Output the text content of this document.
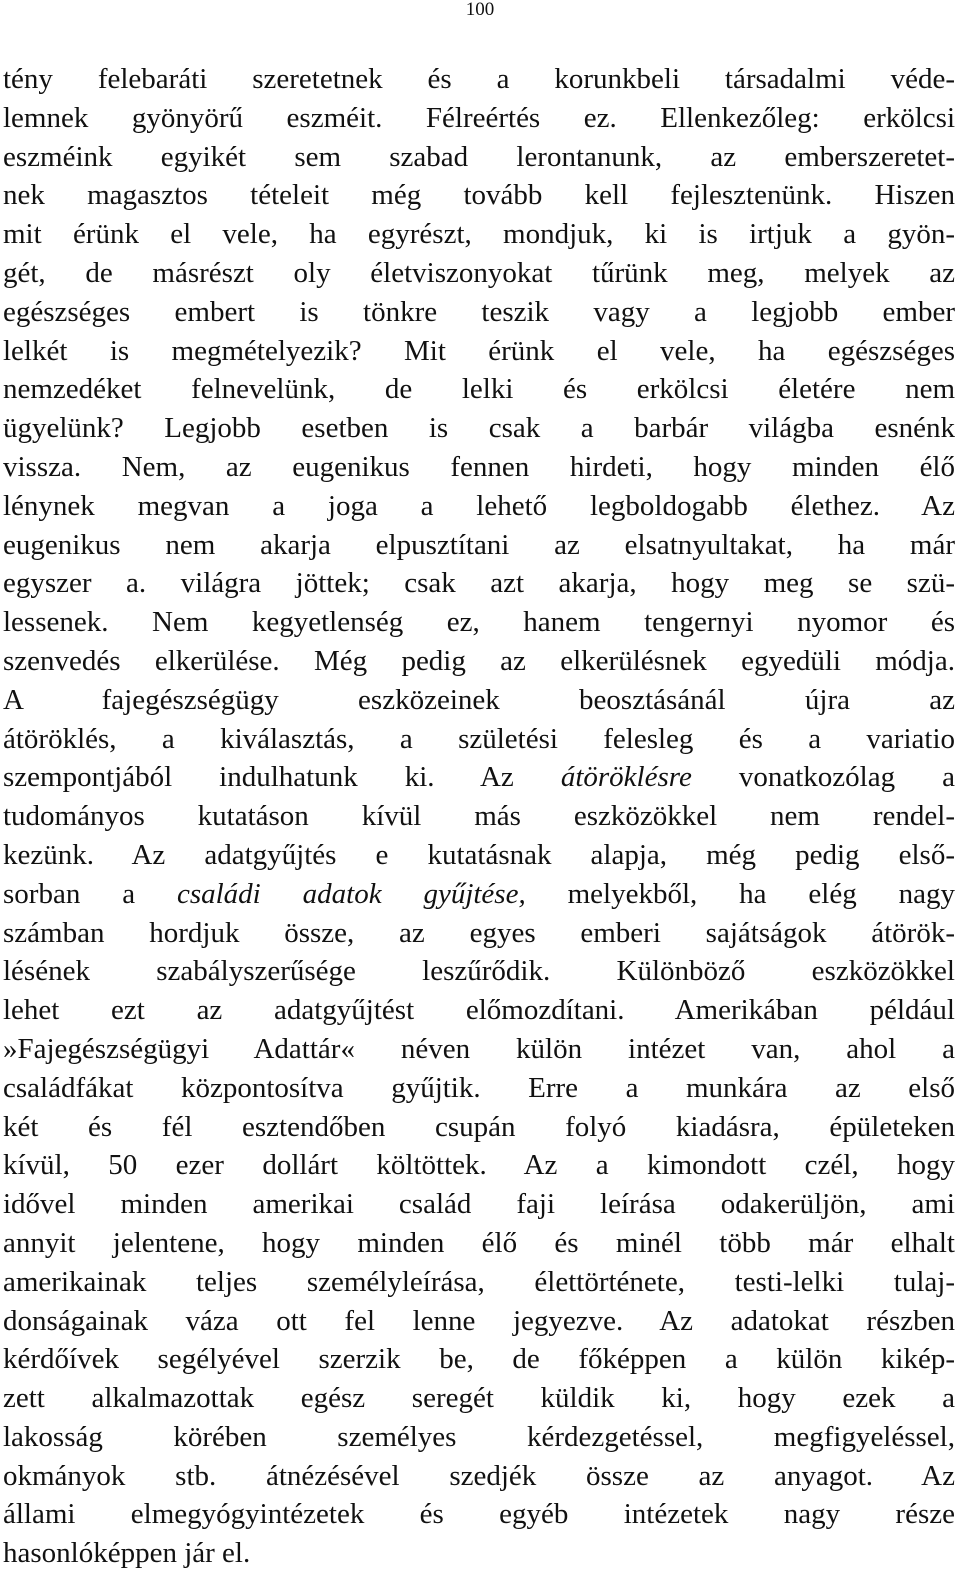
100
tény felebaráti szeretetnek és a korunkbeli társadalmi véde-
lemnek gyönyörű eszméit. Félreértés ez. Ellenkezőleg: erkölcsi
eszméink egyikét sem szabad lerontanunk, az emberszeretet-
nek magasztos tételeit még tovább kell fejlesztenünk. Hiszen
mit érünk el vele, ha egyrészt, mondjuk, ki is irtjuk a gyön-
gét, de másrészt oly életviszonyokat tűrünk meg, melyek az
egészséges embert is tönkre teszik vagy a legjobb ember
lelkét is megmételyezik? Mit érünk el vele, ha egészséges
nemzedéket felnevelünk, de lelki és erkölcsi életére nem
ügyelünk? Legjobb esetben is csak a barbár világba esnénk
vissza. Nem, az eugenikus fennen hirdeti, hogy minden élő
lénynek megvan a joga a lehető legboldogabb élethez. Az
eugenikus nem akarja elpusztítani az elsatnyultakat, ha már
egyszer a. világra jöttek; csak azt akarja, hogy meg se szü-
lessenek. Nem kegyetlenség ez, hanem tengernyi nyomor és
szenvedés elkerülése. Még pedig az elkerülésnek egyedüli módja.
A fajegészségügy eszközeinek beosztásánál újra az
átöröklés, a kiválasztás, a születési felesleg és a variatio
szempontjából indulhatunk ki. Az átöröklésre vonatkozólag a
tudományos kutatáson kívül más eszközökkel nem rendel-
kezünk. Az adatgyűjtés e kutatásnak alapja, még pedig első-
sorban a családi adatok gyűjtése, melyekből, ha elég nagy
számban hordjuk össze, az egyes emberi sajátságok átörök-
lésének szabályszerűsége leszűrődik. Különböző eszközökkel
lehet ezt az adatgyűjtést előmozdítani. Amerikában például
»Fajegészségügyi Adattár« néven külön intézet van, ahol a
családfákat központosítva gyűjtik. Erre a munkára az első
két és fél esztendőben csupán folyó kiadásra, épületeken
kívül, 50 ezer dollárt költöttek. Az a kimondott czél, hogy
idővel minden amerikai család faji leírása odakerüljön, ami
annyit jelentene, hogy minden élő és minél több már elhalt
amerikainak teljes személyleírása, élettörténete, testi-lelki tulaj-
donságainak váza ott fel lenne jegyezve. Az adatokat részben
kérdőívek segélyével szerzik be, de főképpen a külön kikép-
zett alkalmazottak egész seregét küldik ki, hogy ezek a
lakosság körében személyes kérdezgetéssel, megfigyeléssel,
okmányok stb. átnézésével szedjék össze az anyagot. Az
állami elmegyógyintézetek és egyéb intézetek nagy része
hasonlóképpen jár el.
